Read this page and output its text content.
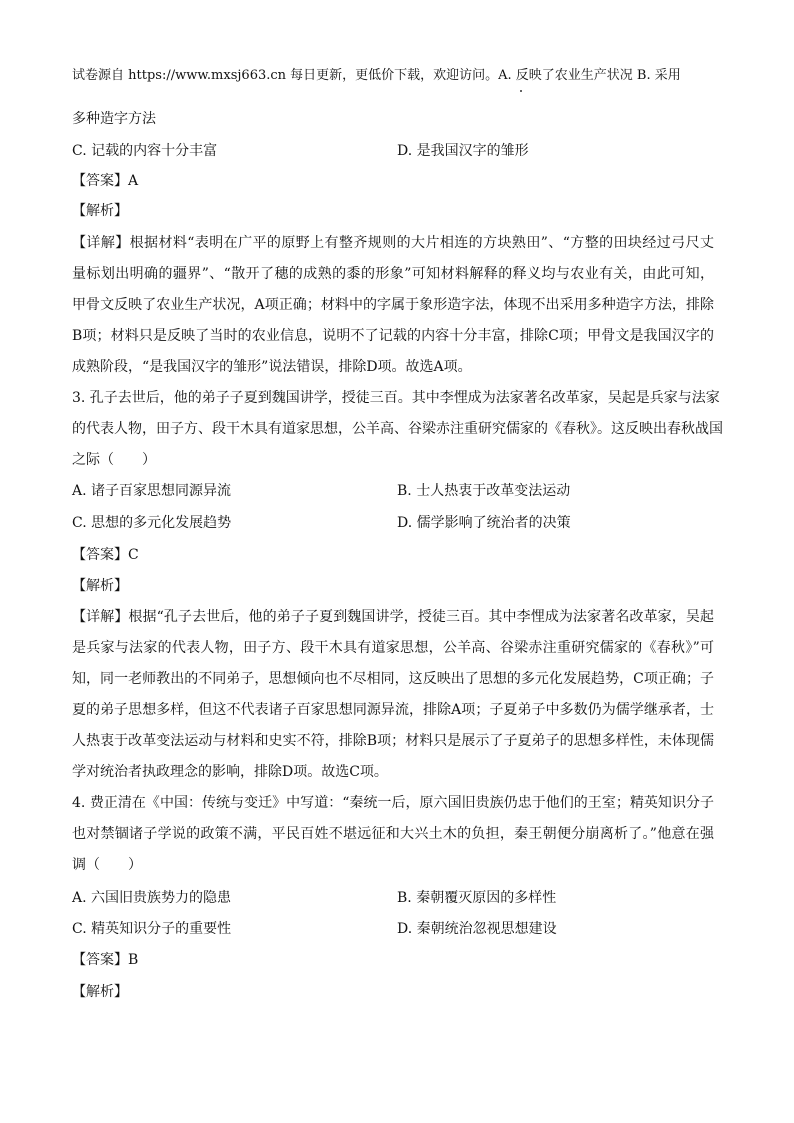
试卷源自 https://www.mxsj663.cn 每日更新，更低价下载，欢迎访问。A. 反映了农业生产状况 B. 采用
多种造字方法
C. 记载的内容十分丰富	D. 是我国汉字的雏形
【答案】A
【解析】
【详解】根据材料“表明在广平的原野上有整齐规则的大片相连的方块熟田”、“方整的田块经过弓尺丈
量标划出明确的疆界”、“散开了穗的成熟的黍的形象”可知材料解释的释义均与农业有关，由此可知，
甲骨文反映了农业生产状况，A项正确；材料中的字属于象形造字法，体现不出采用多种造字方法，排除
B项；材料只是反映了当时的农业信息，说明不了记载的内容十分丰富，排除C项；甲骨文是我国汉字的
成熟阶段，“是我国汉字的雏形”说法错误，排除D项。故选A项。
3. 孔子去世后，他的弟子子夏到魏国讲学，授徒三百。其中李悝成为法家著名改革家，吴起是兵家与法家
的代表人物，田子方、段干木具有道家思想，公羊高、谷梁赤注重研究儒家的《春秋》。这反映出春秋战国
之际（　　）
A. 诸子百家思想同源异流	B. 士人热衷于改革变法运动
C. 思想的多元化发展趋势	D. 儒学影响了统治者的决策
【答案】C
【解析】
【详解】根据“孔子去世后，他的弟子子夏到魏国讲学，授徒三百。其中李悝成为法家著名改革家，吴起
是兵家与法家的代表人物，田子方、段干木具有道家思想，公羊高、谷梁赤注重研究儒家的《春秋》”可
知，同一老师教出的不同弟子，思想倾向也不尽相同，这反映出了思想的多元化发展趋势，C项正确；子
夏的弟子思想多样，但这不代表诸子百家思想同源异流，排除A项；子夏弟子中多数仍为儒学继承者，士
人热衷于改革变法运动与材料和史实不符，排除B项；材料只是展示了子夏弟子的思想多样性，未体现儒
学对统治者执政理念的影响，排除D项。故选C项。
4. 费正清在《中国：传统与变迁》中写道：“秦统一后，原六国旧贵族仍忠于他们的王室；精英知识分子
也对禁锢诸子学说的政策不满，平民百姓不堪远征和大兴土木的负担，秦王朝便分崩离析了。”他意在强
调（　　）
A. 六国旧贵族势力的隐患	B. 秦朝覆灭原因的多样性
C. 精英知识分子的重要性	D. 秦朝统治忽视思想建设
【答案】B
【解析】
